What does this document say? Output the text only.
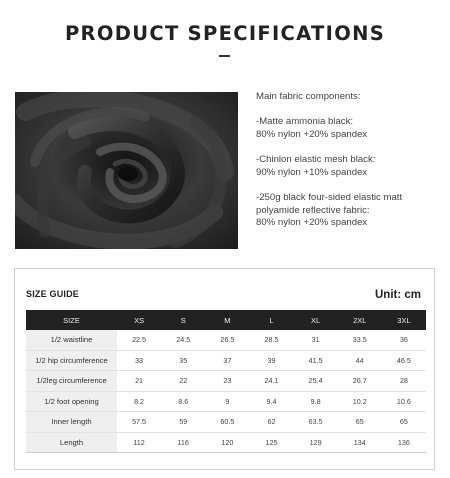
PRODUCT SPECIFICATIONS

Main fabric components:

-Matte ammonia black:

80% nylon +20% spandex

-Chinlon elastic mesh black:

90% nylon +10% spandex

-250g black four-sided elastic matt polyamide reflective fabric:

80% nylon +20% spandex

SIZE GUIDE	Unit: cm
SIZE	XS	S	M	L	XL	2XL	3XL
1/2 waistline	22.5	24.5	26.5	28.5	31	33.5	36
1/2 hip circumference	33	35	37	39	41.5	44	46.5
1/2leg circumference	21	22	23	24.1	25.4	26.7	28
1/2 foot opening	8.2	8.6	9	9.4	9.8	10.2	10.6
Inner length	57.5	59	60.5	62	63.5	65	65
Length	112	116	120	125	129	134	136
